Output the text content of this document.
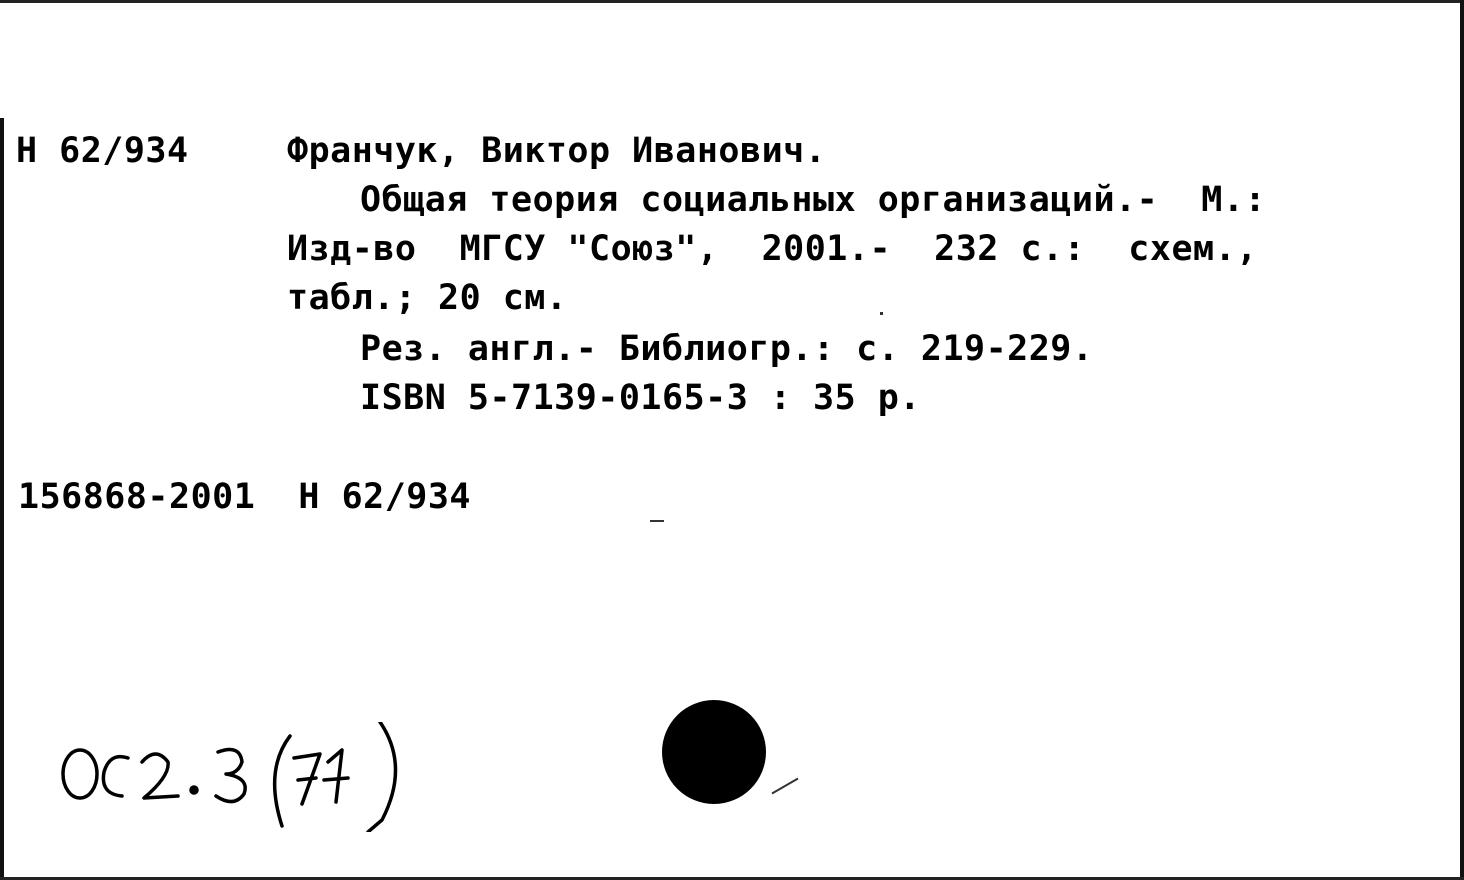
Н 62/934	Франчук, Виктор Иванович.
Общая теория социальных организаций.-  М.:
Изд-во  МГСУ "Союз",  2001.-  232 с.:  схем.,
табл.; 20 см.
Рез. англ.- Библиогр.: с. 219-229.
ISBN 5-7139-0165-3 : 35 р.
156868-2001  Н 62/934
